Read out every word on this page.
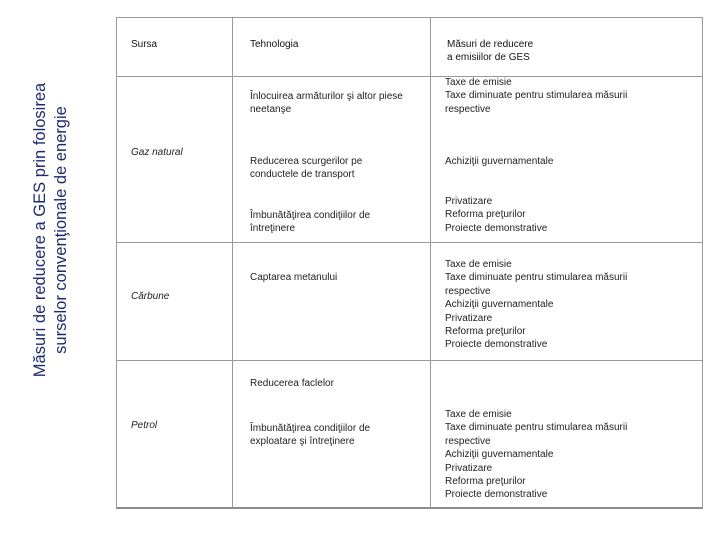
Măsuri de reducere a GES prin folosirea surselor convenţionale de energie
Sursa	Tehnologia	Măsuri de reducere
a emisiilor de GES
Gaz natural
Cărbune
Petrol
Înlocuirea armăturilor şi altor piese
neetanşe
Reducerea scurgerilor pe
conductele de transport
Îmbunătăţirea condiţiilor de
întreţinere
Captarea metanului
Reducerea faclelor
Îmbunătăţirea condiţiilor de
exploatare şi întreţinere
Taxe de emisie
Taxe diminuate pentru stimularea măsurii
respective
Achiziţii guvernamentale
Privatizare
Reforma preţurilor
Proiecte demonstrative
Taxe de emisie
Taxe diminuate pentru stimularea măsurii
respective
Achiziţii guvernamentale
Privatizare
Reforma preţurilor
Proiecte demonstrative
Taxe de emisie
Taxe diminuate pentru stimularea măsurii
respective
Achiziţii guvernamentale
Privatizare
Reforma preţurilor
Proiecte demonstrative
